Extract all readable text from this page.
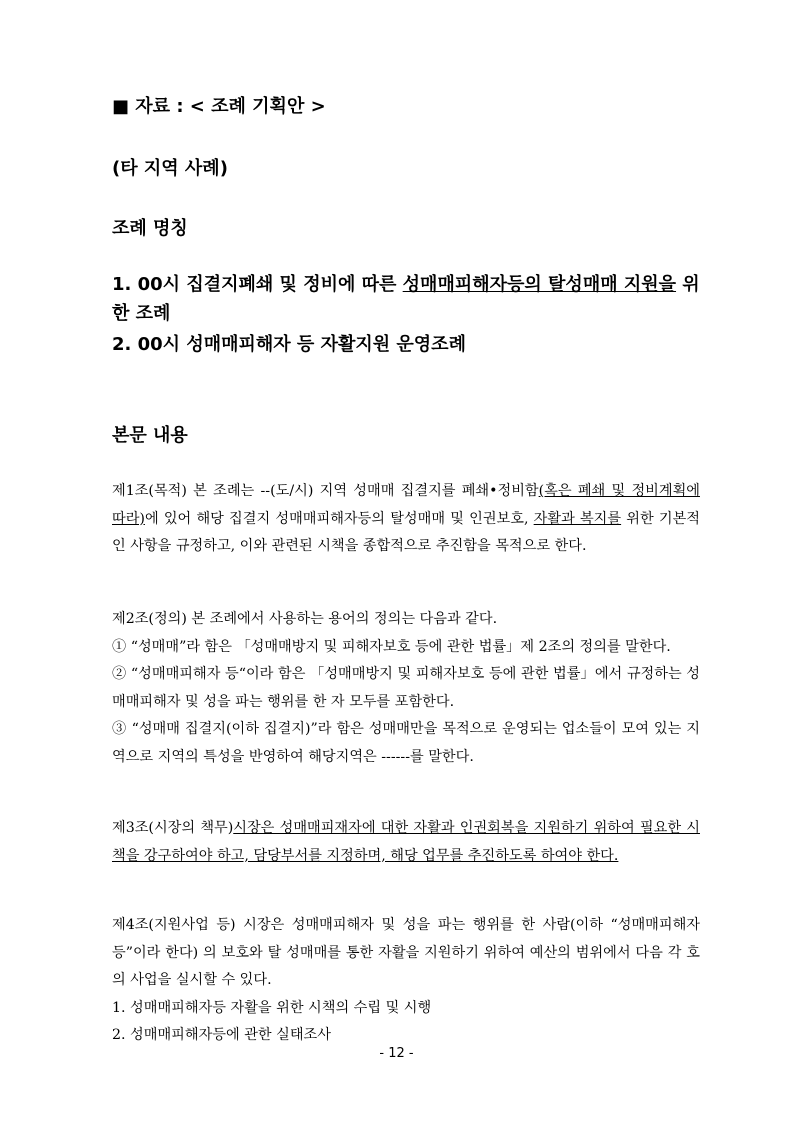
■ 자료 : < 조례 기획안 >
(타 지역 사례)
조례 명칭
1. 00시 집결지폐쇄 및 정비에 따른 성매매피해자등의 탈성매매 지원을 위한 조례
2. 00시 성매매피해자 등 자활지원 운영조례
본문 내용

제1조(목적) 본 조례는 --(도/시) 지역 성매매 집결지를 폐쇄•정비함(혹은 폐쇄 및 정비계획에 따라)에 있어 해당 집결지 성매매피해자등의 탈성매매 및 인권보호, 자활과 복지를 위한 기본적인 사항을 규정하고, 이와 관련된 시책을 종합적으로 추진함을 목적으로 한다.

제2조(정의) 본 조례에서 사용하는 용어의 정의는 다음과 같다.

① “성매매”라 함은 「성매매방지 및 피해자보호 등에 관한 법률」제 2조의 정의를 말한다.

② “성매매피해자 등“이라 함은 「성매매방지 및 피해자보호 등에 관한 법률」에서 규정하는 성매매피해자 및 성을 파는 행위를 한 자 모두를 포함한다.

③ “성매매 집결지(이하 집결지)”라 함은 성매매만을 목적으로 운영되는 업소들이 모여 있는 지역으로 지역의 특성을 반영하여 해당지역은 ------를 말한다.

제3조(시장의 책무)시장은 성매매피재자에 대한 자활과 인권회복을 지원하기 위하여 필요한 시책을 강구하여야 하고, 담당부서를 지정하며, 해당 업무를 추진하도록 하여야 한다.

제4조(지원사업 등) 시장은 성매매피해자 및 성을 파는 행위를 한 사람(이하 “성매매피해자등”이라 한다) 의 보호와 탈 성매매를 통한 자활을 지원하기 위하여 예산의 범위에서 다음 각 호의 사업을 실시할 수 있다.

1. 성매매피해자등 자활을 위한 시책의 수립 및 시행

2. 성매매피해자등에 관한 실태조사

- 12 -
